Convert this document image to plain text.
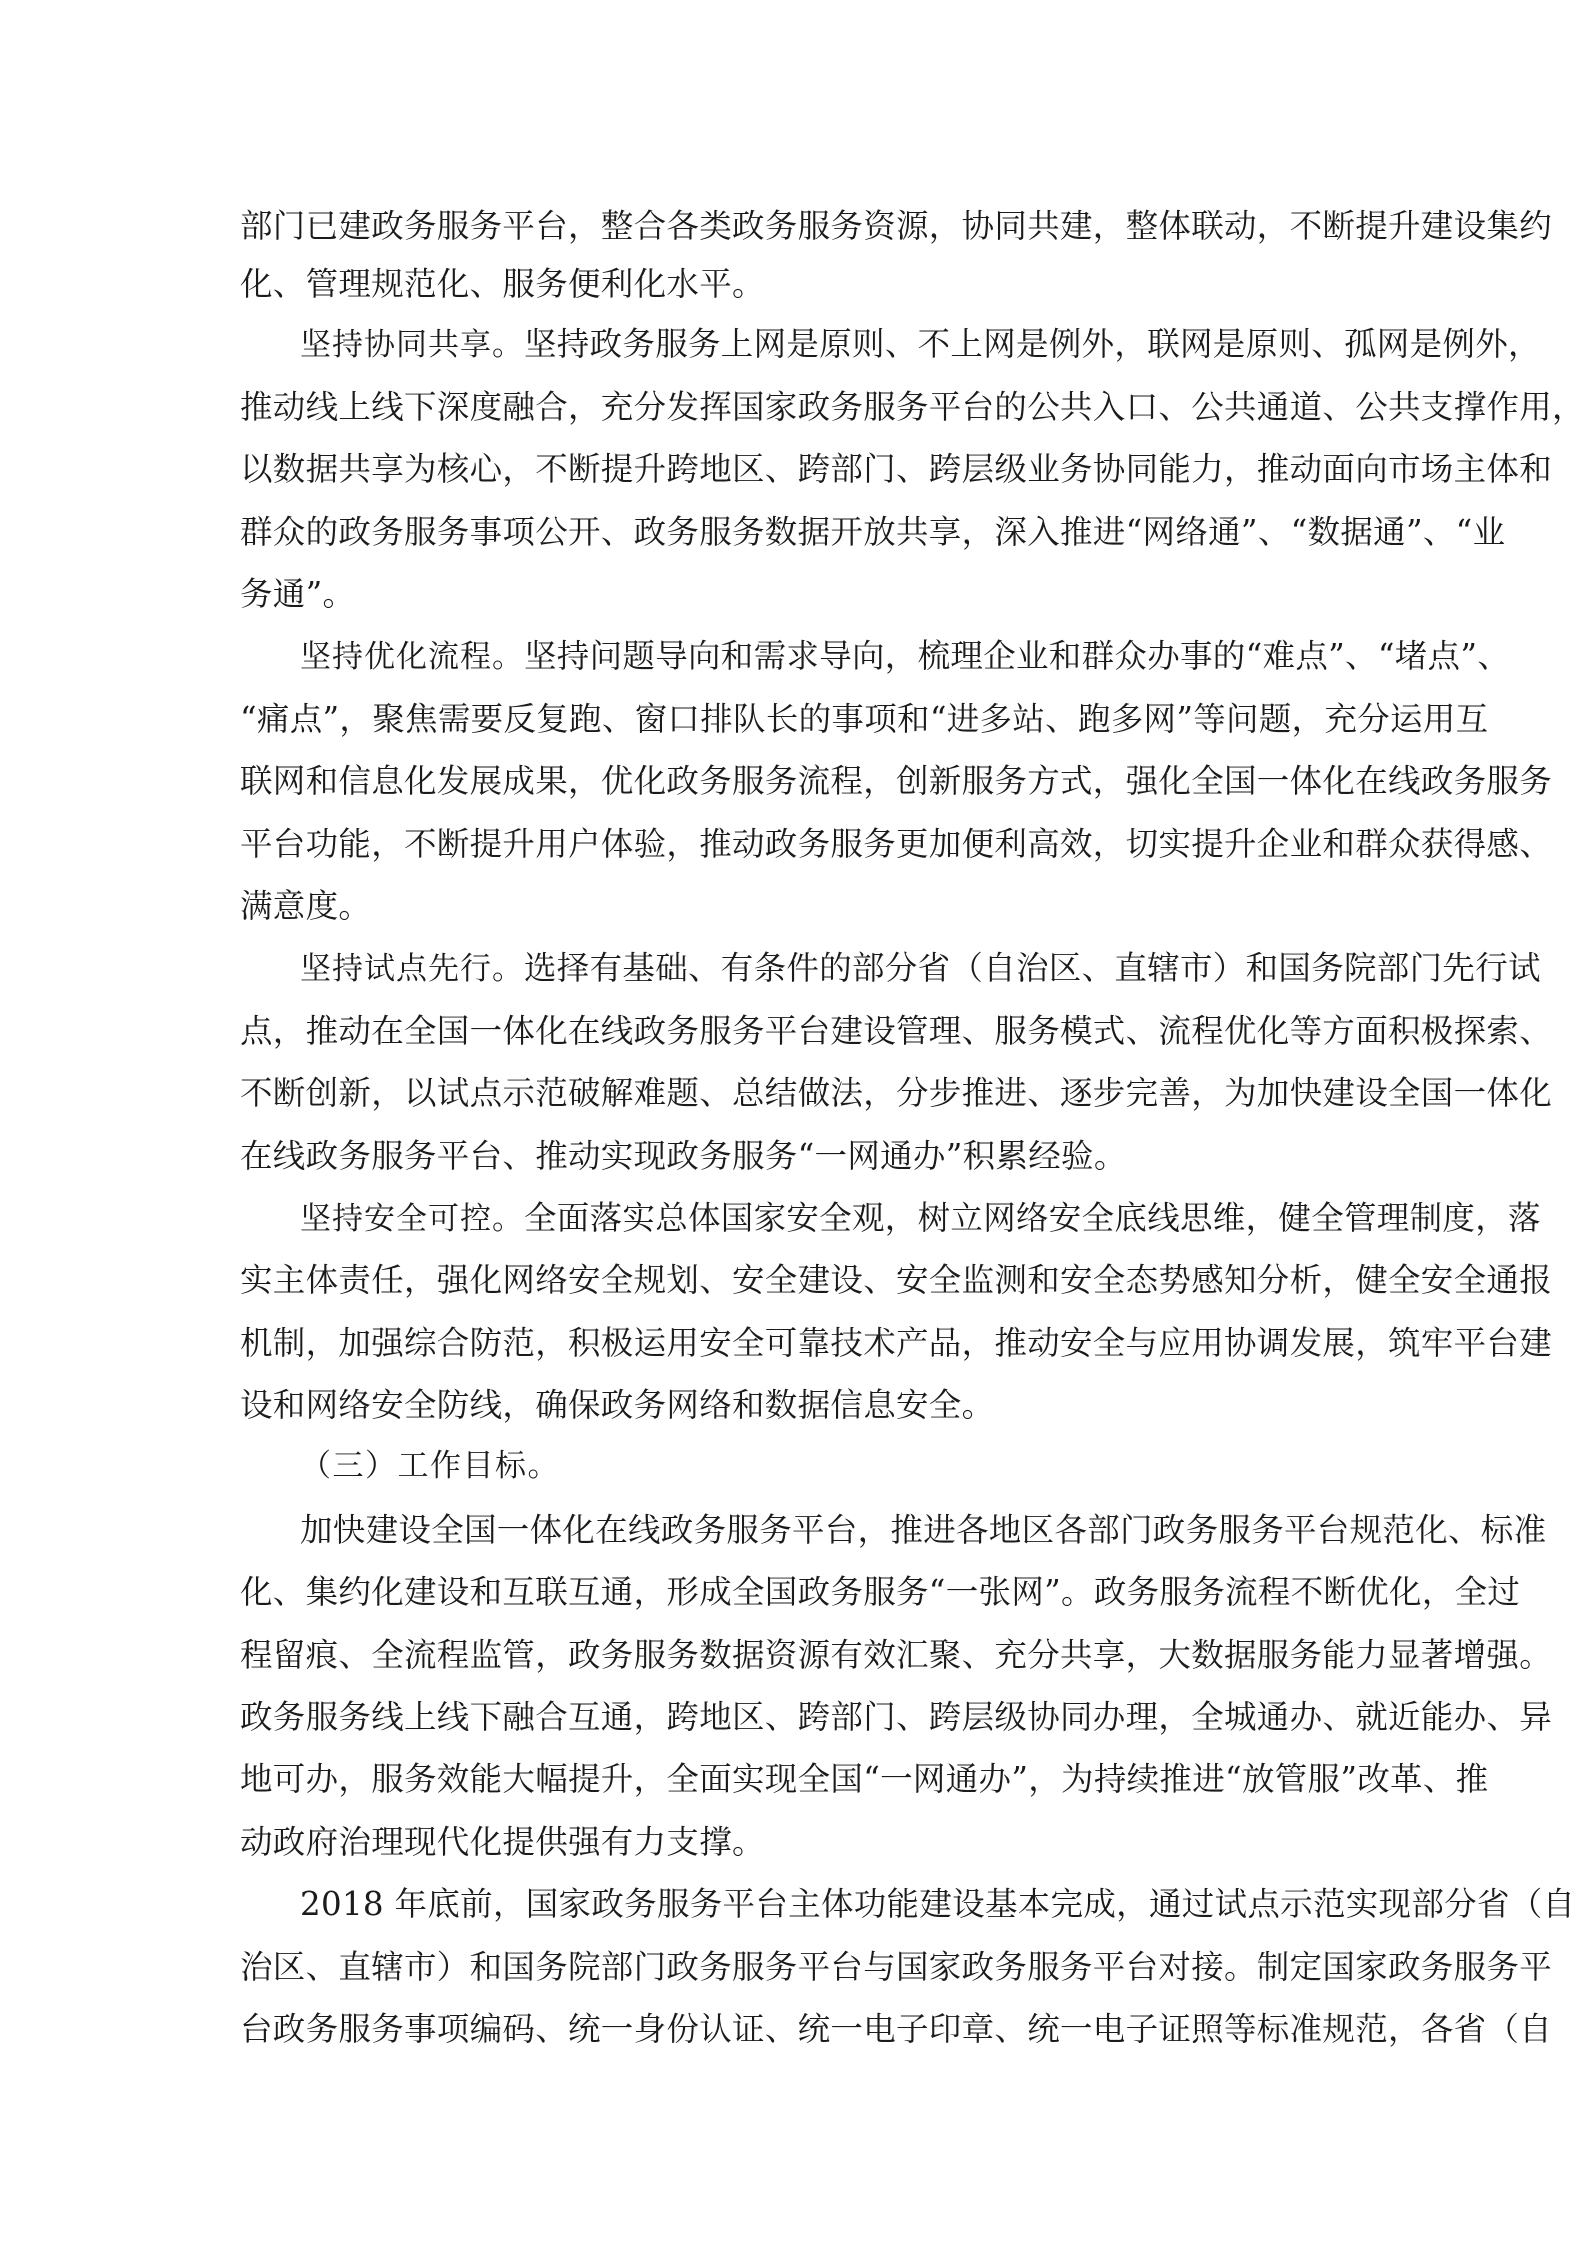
部门已建政务服务平台，整合各类政务服务资源，协同共建，整体联动，不断提升建设集约
化、管理规范化、服务便利化水平。
坚持协同共享。坚持政务服务上网是原则、不上网是例外，联网是原则、孤网是例外，
推动线上线下深度融合，充分发挥国家政务服务平台的公共入口、公共通道、公共支撑作用，
以数据共享为核心，不断提升跨地区、跨部门、跨层级业务协同能力，推动面向市场主体和
群众的政务服务事项公开、政务服务数据开放共享，深入推进“网络通”、“数据通”、“业
务通”。
坚持优化流程。坚持问题导向和需求导向，梳理企业和群众办事的“难点”、“堵点”、
“痛点”，聚焦需要反复跑、窗口排队长的事项和“进多站、跑多网”等问题，充分运用互
联网和信息化发展成果，优化政务服务流程，创新服务方式，强化全国一体化在线政务服务
平台功能，不断提升用户体验，推动政务服务更加便利高效，切实提升企业和群众获得感、
满意度。
坚持试点先行。选择有基础、有条件的部分省（自治区、直辖市）和国务院部门先行试
点，推动在全国一体化在线政务服务平台建设管理、服务模式、流程优化等方面积极探索、
不断创新，以试点示范破解难题、总结做法，分步推进、逐步完善，为加快建设全国一体化
在线政务服务平台、推动实现政务服务“一网通办”积累经验。
坚持安全可控。全面落实总体国家安全观，树立网络安全底线思维，健全管理制度，落
实主体责任，强化网络安全规划、安全建设、安全监测和安全态势感知分析，健全安全通报
机制，加强综合防范，积极运用安全可靠技术产品，推动安全与应用协调发展，筑牢平台建
设和网络安全防线，确保政务网络和数据信息安全。
（三）工作目标。
加快建设全国一体化在线政务服务平台，推进各地区各部门政务服务平台规范化、标准
化、集约化建设和互联互通，形成全国政务服务“一张网”。政务服务流程不断优化，全过
程留痕、全流程监管，政务服务数据资源有效汇聚、充分共享，大数据服务能力显著增强。
政务服务线上线下融合互通，跨地区、跨部门、跨层级协同办理，全城通办、就近能办、异
地可办，服务效能大幅提升，全面实现全国“一网通办”，为持续推进“放管服”改革、推
动政府治理现代化提供强有力支撑。
2018 年底前，国家政务服务平台主体功能建设基本完成，通过试点示范实现部分省（自
治区、直辖市）和国务院部门政务服务平台与国家政务服务平台对接。制定国家政务服务平
台政务服务事项编码、统一身份认证、统一电子印章、统一电子证照等标准规范，各省（自
